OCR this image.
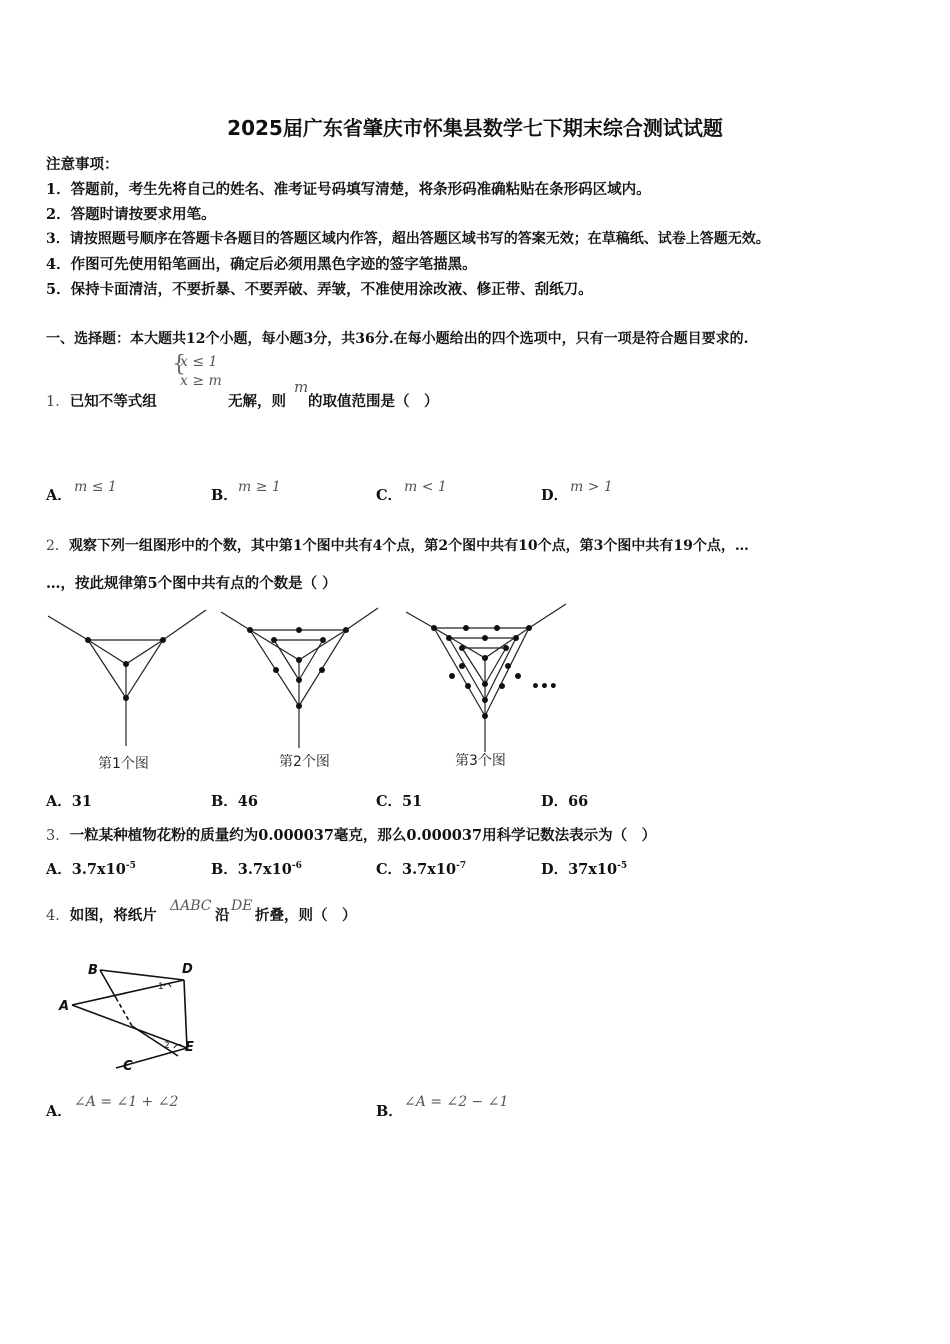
2025届广东省肇庆市怀集县数学七下期末综合测试试题
注意事项：
1．答题前，考生先将自己的姓名、准考证号码填写清楚，将条形码准确粘贴在条形码区域内。
2．答题时请按要求用笔。
3．请按照题号顺序在答题卡各题目的答题区域内作答，超出答题区域书写的答案无效；在草稿纸、试卷上答题无效。
4．作图可先使用铅笔画出，确定后必须用黑色字迹的签字笔描黑。
5．保持卡面清洁，不要折暴、不要弄破、弄皱，不准使用涂改液、修正带、刮纸刀。
一、选择题：本大题共12个小题，每小题3分，共36分.在每小题给出的四个选项中，只有一项是符合题目要求的.
1．已知不等式组
{
x ≤ 1
x ≥ m
无解，则
m
的取值范围是（　）
A． m ≤ 1	B． m ≥ 1	C． m < 1	D． m > 1
2．观察下列一组图形中的个数，其中第1个图中共有4个点，第2个图中共有10个点，第3个图中共有19个点，…
…，按此规律第5个图中共有点的个数是（ ）
•••
第1个图	第2个图	第3个图
A．31	B．46	C．51	D．66
3．一粒某种植物花粉的质量约为0.000037毫克，那么0.000037用科学记数法表示为（　）
A．$3.7x10^{-5}$	B．$3.7x10^{-6}$	C．$3.7x10^{-7}$	D．$37x10^{-5}$
4．如图，将纸片
ΔABC
沿
DE
折叠，则（　）
B	D
A
C
E
1
2
A．
∠A = ∠1 + ∠2
B．
∠A = ∠2 − ∠1
